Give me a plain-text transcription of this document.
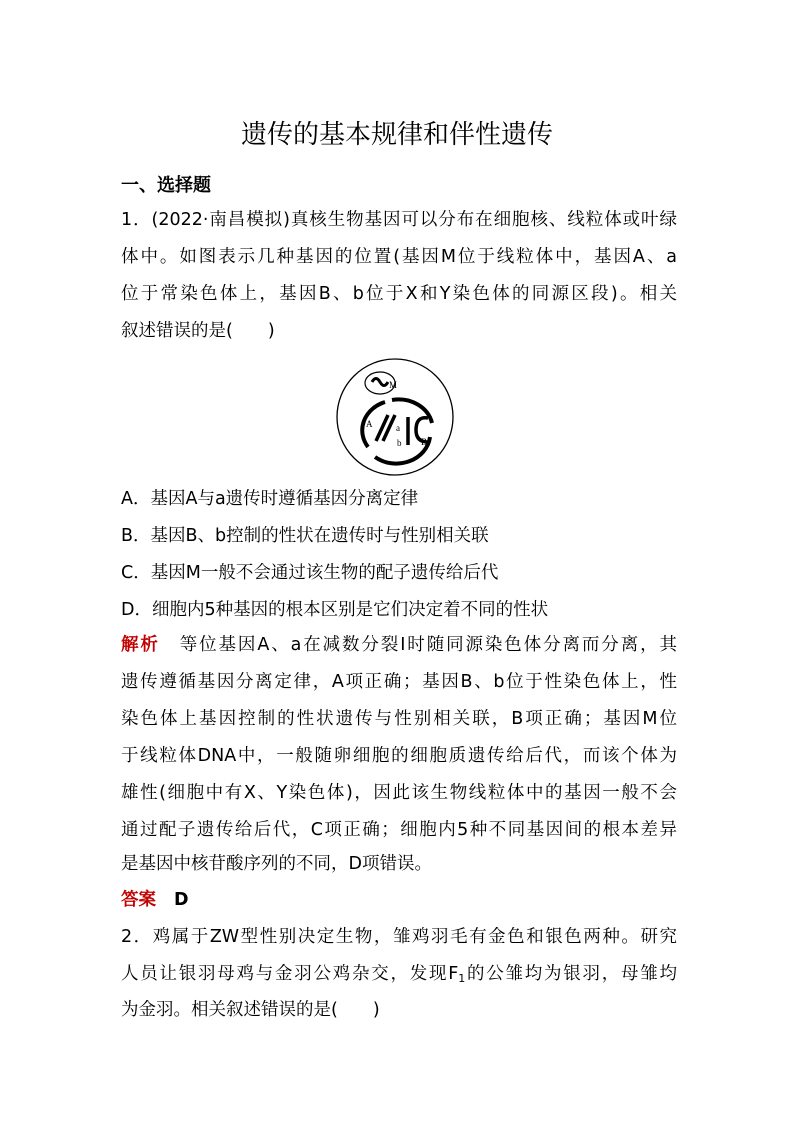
遗传的基本规律和伴性遗传
一、选择题
1．(2022·南昌模拟)真核生物基因可以分布在细胞核、线粒体或叶绿
体中。如图表示几种基因的位置(基因M位于线粒体中，基因A、a
位于常染色体上，基因B、b位于X和Y染色体的同源区段)。相关
叙述错误的是(　　)
A	a
b B
M
A．基因A与a遗传时遵循基因分离定律
B．基因B、b控制的性状在遗传时与性别相关联
C．基因M一般不会通过该生物的配子遗传给后代
D．细胞内5种基因的根本区别是它们决定着不同的性状
解析 等位基因A、a在减数分裂Ⅰ时随同源染色体分离而分离，其
遗传遵循基因分离定律，A项正确；基因B、b位于性染色体上，性
染色体上基因控制的性状遗传与性别相关联，B项正确；基因M位
于线粒体DNA中，一般随卵细胞的细胞质遗传给后代，而该个体为
雄性(细胞中有X、Y染色体)，因此该生物线粒体中的基因一般不会
通过配子遗传给后代，C项正确；细胞内5种不同基因间的根本差异
是基因中核苷酸序列的不同，D项错误。
答案 D
2．鸡属于ZW型性别决定生物，雏鸡羽毛有金色和银色两种。研究
人员让银羽母鸡与金羽公鸡杂交，发现$F_1$的公雏均为银羽，母雏均
为金羽。相关叙述错误的是(　　)
